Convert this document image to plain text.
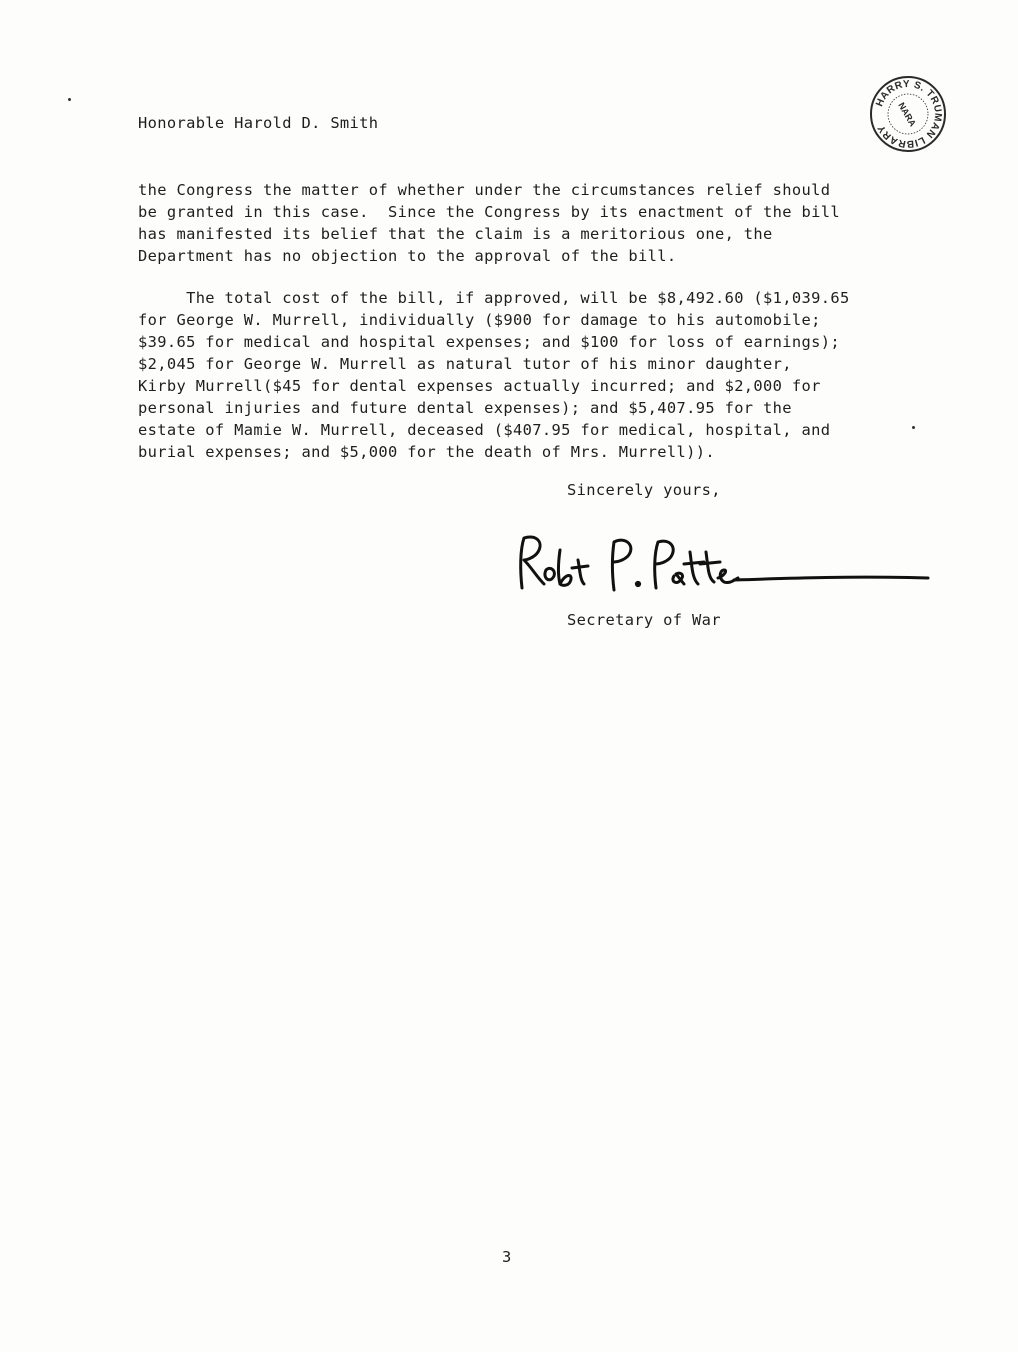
HARRY S. TRUMAN LIBRARY
NARA
Honorable Harold D. Smith
the Congress the matter of whether under the circumstances relief should
be granted in this case.  Since the Congress by its enactment of the bill
has manifested its belief that the claim is a meritorious one, the
Department has no objection to the approval of the bill.
The total cost of the bill, if approved, will be $8,492.60 ($1,039.65
for George W. Murrell, individually ($900 for damage to his automobile;
$39.65 for medical and hospital expenses; and $100 for loss of earnings);
$2,045 for George W. Murrell as natural tutor of his minor daughter,
Kirby Murrell($45 for dental expenses actually incurred; and $2,000 for
personal injuries and future dental expenses); and $5,407.95 for the
estate of Mamie W. Murrell, deceased ($407.95 for medical, hospital, and
burial expenses; and $5,000 for the death of Mrs. Murrell)).
Sincerely yours,
Secretary of War
3
